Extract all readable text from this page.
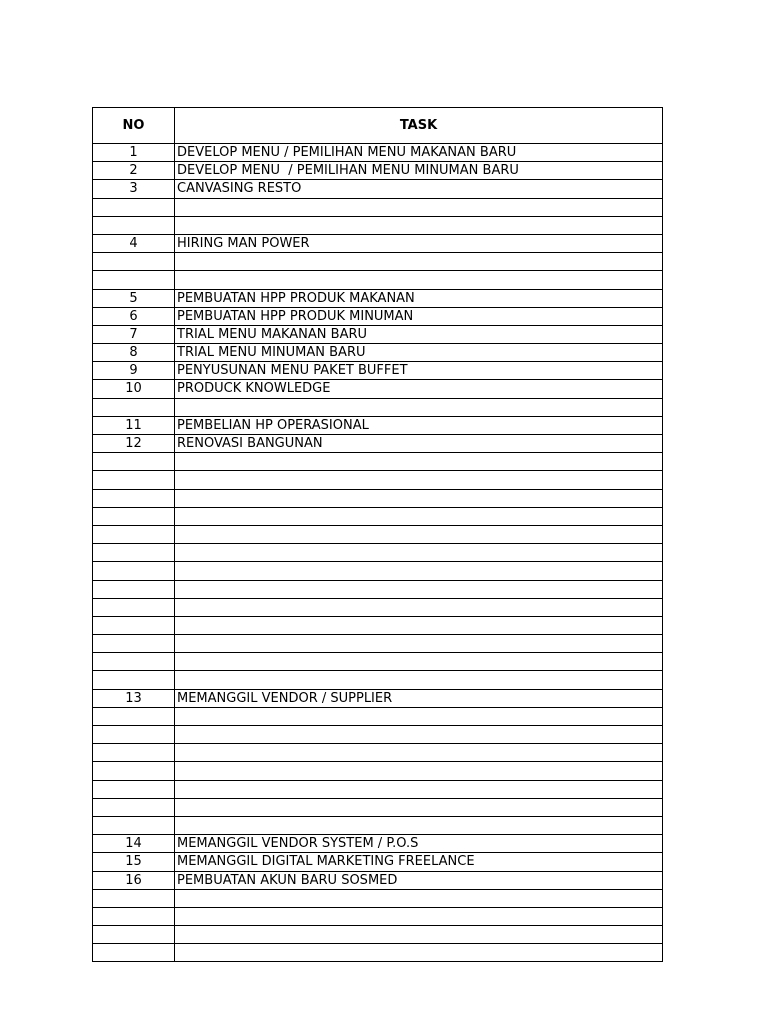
NO	TASK
1	DEVELOP MENU / PEMILIHAN MENU MAKANAN BARU
2	DEVELOP MENU  / PEMILIHAN MENU MINUMAN BARU
3	CANVASING RESTO

4	HIRING MAN POWER

5	PEMBUATAN HPP PRODUK MAKANAN
6	PEMBUATAN HPP PRODUK MINUMAN
7	TRIAL MENU MAKANAN BARU
8	TRIAL MENU MINUMAN BARU
9	PENYUSUNAN MENU PAKET BUFFET
10	PRODUCK KNOWLEDGE

11	PEMBELIAN HP OPERASIONAL
12	RENOVASI BANGUNAN

13	MEMANGGIL VENDOR / SUPPLIER

14	MEMANGGIL VENDOR SYSTEM / P.O.S
15	MEMANGGIL DIGITAL MARKETING FREELANCE
16	PEMBUATAN AKUN BARU SOSMED
